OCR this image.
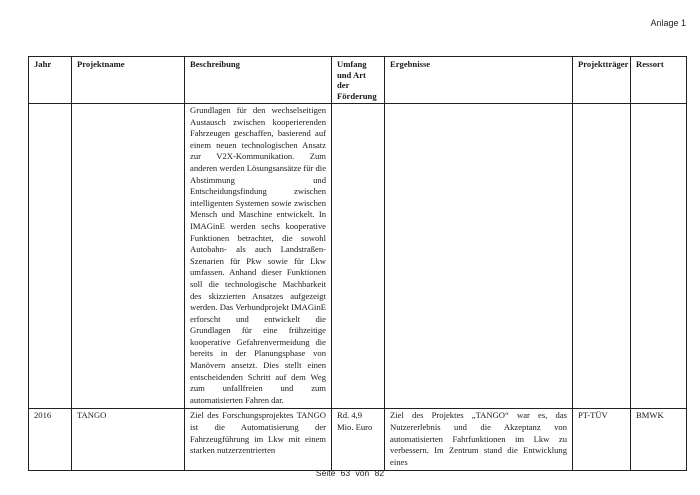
Anlage 1
Jahr	Projektname	Beschreibung	Umfang und Art der Förderung	Ergebnisse	Projektträger	Ressort
		Grundlagen für den wechselseitigen Austausch zwischen kooperierenden Fahrzeugen geschaffen, basierend auf einem neuen technologischen Ansatz zur V2X-Kommunikation. Zum anderen werden Lösungsansätze für die Abstimmung und Entscheidungsfindung zwischen intelligenten Systemen sowie zwischen Mensch und Maschine entwickelt. In IMAGinE werden sechs kooperative Funktionen betrachtet, die sowohl Autobahn- als auch Landstraßen-Szenarien für Pkw sowie für Lkw umfassen. Anhand dieser Funktionen soll die technologische Machbarkeit des skizzierten Ansatzes aufgezeigt werden. Das Verbundprojekt IMAGinE erforscht und entwickelt die Grundlagen für eine frühzeitige kooperative Gefahrenvermeidung die bereits in der Planungsphase von Manövern ansetzt. Dies stellt einen entscheidenden Schritt auf dem Weg zum unfallfreien und zum automatisierten Fahren dar.				
2016	TANGO	Ziel des Forschungsprojektes TANGO ist die Automatisierung der Fahrzeugführung im Lkw mit einem starken nutzerzentrierten	Rd. 4,9 Mio. Euro	Ziel des Projektes „TANGO“ war es, das Nutzererlebnis und die Akzeptanz von automatisierten Fahrfunktionen im Lkw zu verbessern. Im Zentrum stand die Entwicklung eines	PT-TÜV	BMWK
Seite 63 von 82
